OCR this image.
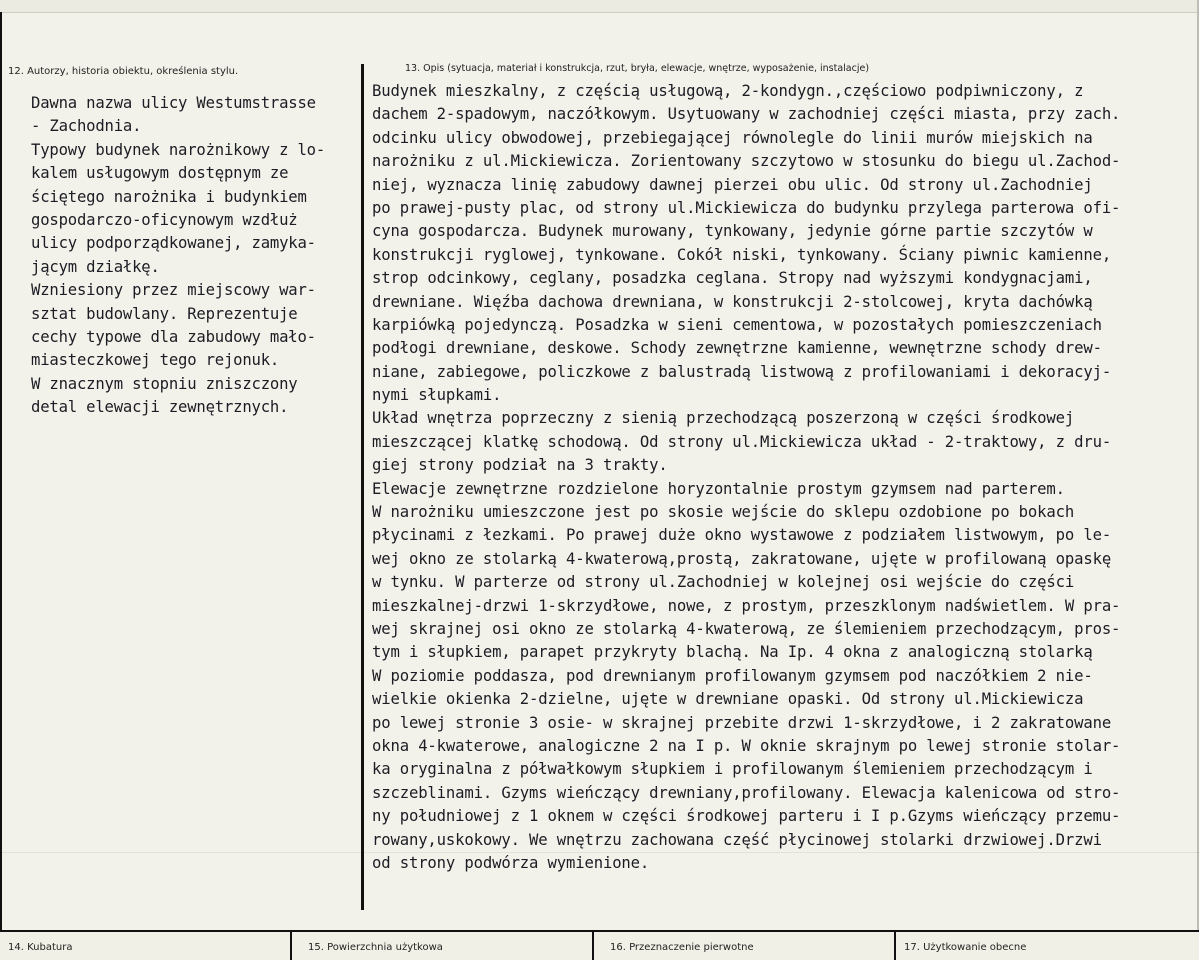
12. Autorzy, historia obiektu, określenia stylu.	13. Opis (sytuacja, materiał i konstrukcja, rzut, bryła, elewacje, wnętrze, wyposażenie, instalacje)
Dawna nazwa ulicy Westumstrasse
- Zachodnia.
Typowy budynek narożnikowy z lo-
kalem usługowym dostępnym ze
ściętego narożnika i budynkiem
gospodarczo-oficynowym wzdłuż
ulicy podporządkowanej, zamyka-
jącym działkę.
Wzniesiony przez miejscowy war-
sztat budowlany. Reprezentuje
cechy typowe dla zabudowy mało-
miasteczkowej tego rejonuk.
W znacznym stopniu zniszczony
detal elewacji zewnętrznych.
Budynek mieszkalny, z częścią usługową, 2-kondygn.,częściowo podpiwniczony, z
dachem 2-spadowym, naczółkowym. Usytuowany w zachodniej części miasta, przy zach.
odcinku ulicy obwodowej, przebiegającej równolegle do linii murów miejskich na
narożniku z ul.Mickiewicza. Zorientowany szczytowo w stosunku do biegu ul.Zachod-
niej, wyznacza linię zabudowy dawnej pierzei obu ulic. Od strony ul.Zachodniej
po prawej-pusty plac, od strony ul.Mickiewicza do budynku przylega parterowa ofi-
cyna gospodarcza. Budynek murowany, tynkowany, jedynie górne partie szczytów w
konstrukcji ryglowej, tynkowane. Cokół niski, tynkowany. Ściany piwnic kamienne,
strop odcinkowy, ceglany, posadzka ceglana. Stropy nad wyższymi kondygnacjami,
drewniane. Więźba dachowa drewniana, w konstrukcji 2-stolcowej, kryta dachówką
karpiówką pojedynczą. Posadzka w sieni cementowa, w pozostałych pomieszczeniach
podłogi drewniane, deskowe. Schody zewnętrzne kamienne, wewnętrzne schody drew-
niane, zabiegowe, policzkowe z balustradą listwową z profilowaniami i dekoracyj-
nymi słupkami.
Układ wnętrza poprzeczny z sienią przechodzącą poszerzoną w części środkowej
mieszczącej klatkę schodową. Od strony ul.Mickiewicza układ - 2-traktowy, z dru-
giej strony podział na 3 trakty.
Elewacje zewnętrzne rozdzielone horyzontalnie prostym gzymsem nad parterem.
W narożniku umieszczone jest po skosie wejście do sklepu ozdobione po bokach
płycinami z łezkami. Po prawej duże okno wystawowe z podziałem listwowym, po le-
wej okno ze stolarką 4-kwaterową,prostą, zakratowane, ujęte w profilowaną opaskę
w tynku. W parterze od strony ul.Zachodniej w kolejnej osi wejście do części
mieszkalnej-drzwi 1-skrzydłowe, nowe, z prostym, przeszklonym nadświetlem. W pra-
wej skrajnej osi okno ze stolarką 4-kwaterową, ze ślemieniem przechodzącym, pros-
tym i słupkiem, parapet przykryty blachą. Na Ip. 4 okna z analogiczną stolarką
W poziomie poddasza, pod drewnianym profilowanym gzymsem pod naczółkiem 2 nie-
wielkie okienka 2-dzielne, ujęte w drewniane opaski. Od strony ul.Mickiewicza
po lewej stronie 3 osie- w skrajnej przebite drzwi 1-skrzydłowe, i 2 zakratowane
okna 4-kwaterowe, analogiczne 2 na I p. W oknie skrajnym po lewej stronie stolar-
ka oryginalna z półwałkowym słupkiem i profilowanym ślemieniem przechodzącym i
szczeblinami. Gzyms wieńczący drewniany,profilowany. Elewacja kalenicowa od stro-
ny południowej z 1 oknem w części środkowej parteru i I p.Gzyms wieńczący przemu-
rowany,uskokowy. We wnętrzu zachowana część płycinowej stolarki drzwiowej.Drzwi
od strony podwórza wymienione.
14. Kubatura	15. Powierzchnia użytkowa	16. Przeznaczenie pierwotne	17. Użytkowanie obecne
